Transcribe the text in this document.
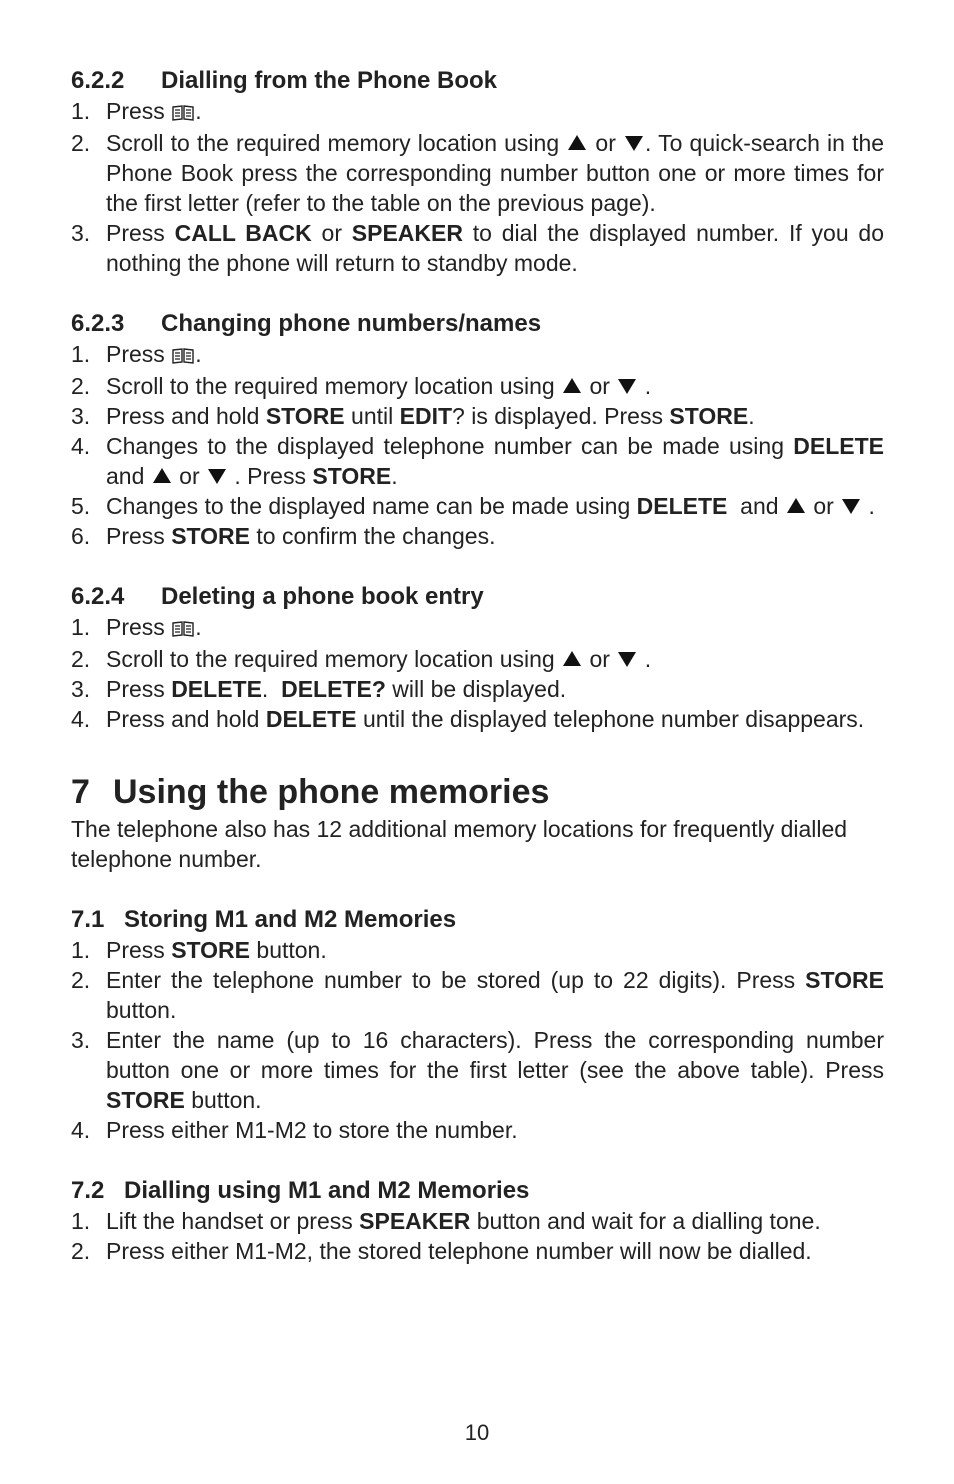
6.2.2 Dialling from the Phone Book
1. Press .
2. Scroll to the required memory location using or . To quick-search in the Phone Book press the corresponding number button one or more times for the first letter (refer to the table on the previous page).
3. Press CALL BACK or SPEAKER to dial the displayed number. If you do nothing the phone will return to standby mode.
6.2.3 Changing phone numbers/names
1. Press .
2. Scroll to the required memory location using or .
3. Press and hold STORE until EDIT? is displayed. Press STORE.
4. Changes to the displayed telephone number can be made using DELETE and or . Press STORE.
5. Changes to the displayed name can be made using DELETE and or .
6. Press STORE to confirm the changes.
6.2.4 Deleting a phone book entry
1. Press .
2. Scroll to the required memory location using or .
3. Press DELETE. DELETE? will be displayed.
4. Press and hold DELETE until the displayed telephone number disappears.
7 Using the phone memories

The telephone also has 12 additional memory locations for frequently dialled telephone number.

7.1 Storing M1 and M2 Memories
1. Press STORE button.
2. Enter the telephone number to be stored (up to 22 digits). Press STORE button.
3. Enter the name (up to 16 characters). Press the corresponding number button one or more times for the first letter (see the above table). Press STORE button.
4. Press either M1-M2 to store the number.
7.2 Dialling using M1 and M2 Memories
1. Lift the handset or press SPEAKER button and wait for a dialling tone.
2. Press either M1-M2, the stored telephone number will now be dialled.
10
